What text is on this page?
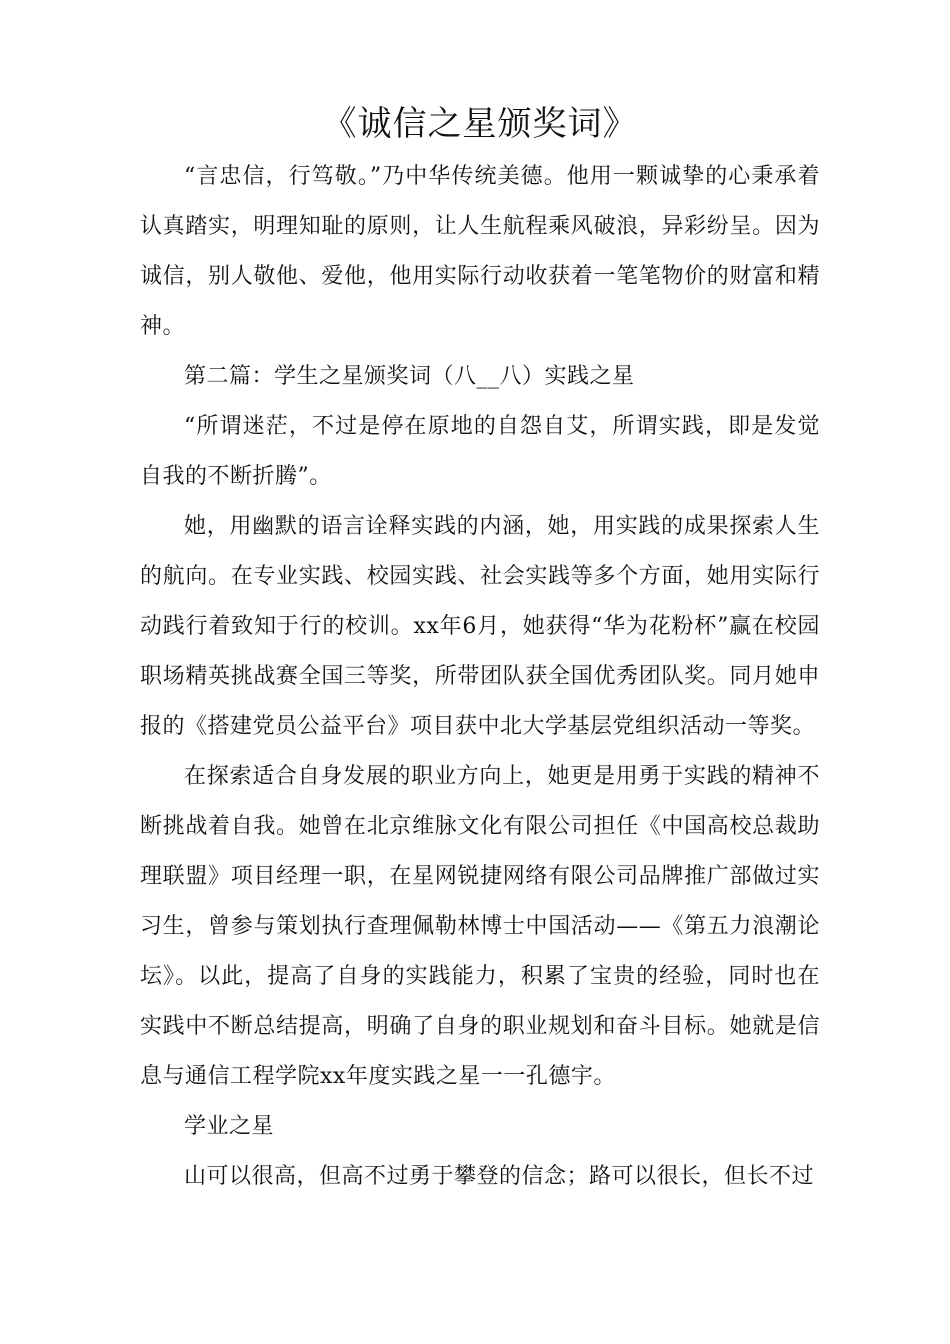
《诚信之星颁奖词》

“言忠信，行笃敬。”乃中华传统美德。他用一颗诚挚的心秉承着认真踏实，明理知耻的原则，让人生航程乘风破浪，异彩纷呈。因为诚信，别人敬他、爱他，他用实际行动收获着一笔笔物价的财富和精神。

第二篇：学生之星颁奖词（八__八）实践之星

“所谓迷茫，不过是停在原地的自怨自艾，所谓实践，即是发觉自我的不断折腾”。

她，用幽默的语言诠释实践的内涵，她，用实践的成果探索人生的航向。在专业实践、校园实践、社会实践等多个方面，她用实际行动践行着致知于行的校训。xx年6月，她获得“华为花粉杯”赢在校园职场精英挑战赛全国三等奖，所带团队获全国优秀团队奖。同月她申报的《搭建党员公益平台》项目获中北大学基层党组织活动一等奖。

在探索适合自身发展的职业方向上，她更是用勇于实践的精神不断挑战着自我。她曾在北京维脉文化有限公司担任《中国高校总裁助理联盟》项目经理一职，在星网锐捷网络有限公司品牌推广部做过实习生，曾参与策划执行查理佩勒林博士中国活动——《第五力浪潮论坛》。以此，提高了自身的实践能力，积累了宝贵的经验，同时也在实践中不断总结提高，明确了自身的职业规划和奋斗目标。她就是信息与通信工程学院xx年度实践之星一一孔德宇。

学业之星

山可以很高，但高不过勇于攀登的信念；路可以很长，但长不过
